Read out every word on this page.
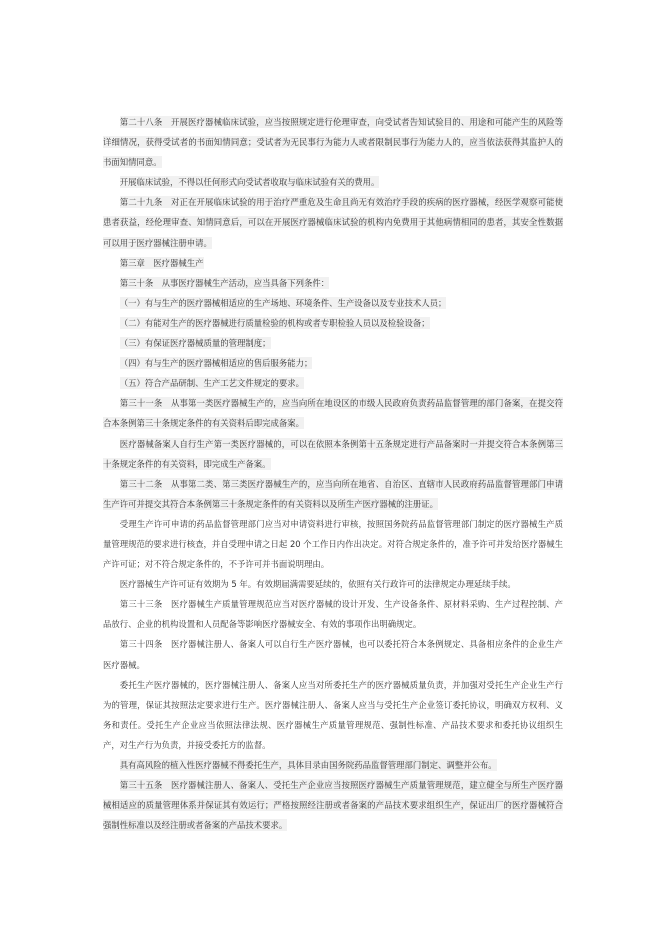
第二十八条　开展医疗器械临床试验，应当按照规定进行伦理审查，向受试者告知试验目的、用途和可能产生的风险等详细情况，获得受试者的书面知情同意；受试者为无民事行为能力人或者限制民事行为能力人的，应当依法获得其监护人的书面知情同意。

开展临床试验，不得以任何形式向受试者收取与临床试验有关的费用。

第二十九条　对正在开展临床试验的用于治疗严重危及生命且尚无有效治疗手段的疾病的医疗器械，经医学观察可能使患者获益，经伦理审查、知情同意后，可以在开展医疗器械临床试验的机构内免费用于其他病情相同的患者，其安全性数据可以用于医疗器械注册申请。

第三章　医疗器械生产

第三十条　从事医疗器械生产活动，应当具备下列条件：

（一）有与生产的医疗器械相适应的生产场地、环境条件、生产设备以及专业技术人员；

（二）有能对生产的医疗器械进行质量检验的机构或者专职检验人员以及检验设备；

（三）有保证医疗器械质量的管理制度；

（四）有与生产的医疗器械相适应的售后服务能力；

（五）符合产品研制、生产工艺文件规定的要求。

第三十一条　从事第一类医疗器械生产的，应当向所在地设区的市级人民政府负责药品监督管理的部门备案，在提交符合本条例第三十条规定条件的有关资料后即完成备案。

医疗器械备案人自行生产第一类医疗器械的，可以在依照本条例第十五条规定进行产品备案时一并提交符合本条例第三十条规定条件的有关资料，即完成生产备案。

第三十二条　从事第二类、第三类医疗器械生产的，应当向所在地省、自治区、直辖市人民政府药品监督管理部门申请生产许可并提交其符合本条例第三十条规定条件的有关资料以及所生产医疗器械的注册证。

受理生产许可申请的药品监督管理部门应当对申请资料进行审核，按照国务院药品监督管理部门制定的医疗器械生产质量管理规范的要求进行核查，并自受理申请之日起 20 个工作日内作出决定。对符合规定条件的，准予许可并发给医疗器械生产许可证；对不符合规定条件的，不予许可并书面说明理由。

医疗器械生产许可证有效期为 5 年。有效期届满需要延续的，依照有关行政许可的法律规定办理延续手续。

第三十三条　医疗器械生产质量管理规范应当对医疗器械的设计开发、生产设备条件、原材料采购、生产过程控制、产品放行、企业的机构设置和人员配备等影响医疗器械安全、有效的事项作出明确规定。

第三十四条　医疗器械注册人、备案人可以自行生产医疗器械，也可以委托符合本条例规定、具备相应条件的企业生产医疗器械。

委托生产医疗器械的，医疗器械注册人、备案人应当对所委托生产的医疗器械质量负责，并加强对受托生产企业生产行为的管理，保证其按照法定要求进行生产。医疗器械注册人、备案人应当与受托生产企业签订委托协议，明确双方权利、义务和责任。受托生产企业应当依照法律法规、医疗器械生产质量管理规范、强制性标准、产品技术要求和委托协议组织生产，对生产行为负责，并接受委托方的监督。

具有高风险的植入性医疗器械不得委托生产，具体目录由国务院药品监督管理部门制定、调整并公布。

第三十五条　医疗器械注册人、备案人、受托生产企业应当按照医疗器械生产质量管理规范，建立健全与所生产医疗器械相适应的质量管理体系并保证其有效运行；严格按照经注册或者备案的产品技术要求组织生产，保证出厂的医疗器械符合强制性标准以及经注册或者备案的产品技术要求。
